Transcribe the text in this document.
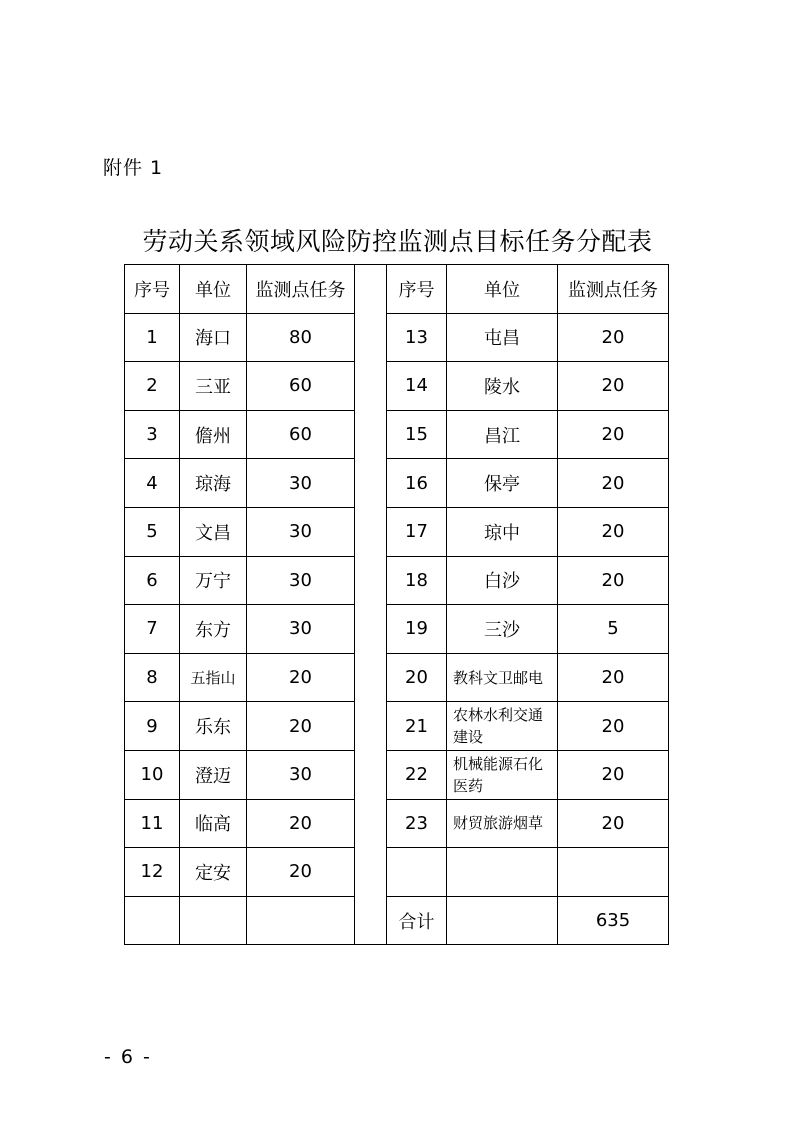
附件 1
劳动关系领域风险防控监测点目标任务分配表
序号	单位	监测点任务		序号	单位	监测点任务
1	海口	80		13	屯昌	20
2	三亚	60		14	陵水	20
3	儋州	60		15	昌江	20
4	琼海	30		16	保亭	20
5	文昌	30		17	琼中	20
6	万宁	30		18	白沙	20
7	东方	30		19	三沙	5
8	五指山	20		20	教科文卫邮电	20
9	乐东	20		21	农林水利交通建设	20
10	澄迈	30		22	机械能源石化医药	20
11	临高	20		23	财贸旅游烟草	20
12	定安	20				
				合计		635
- 6 -
